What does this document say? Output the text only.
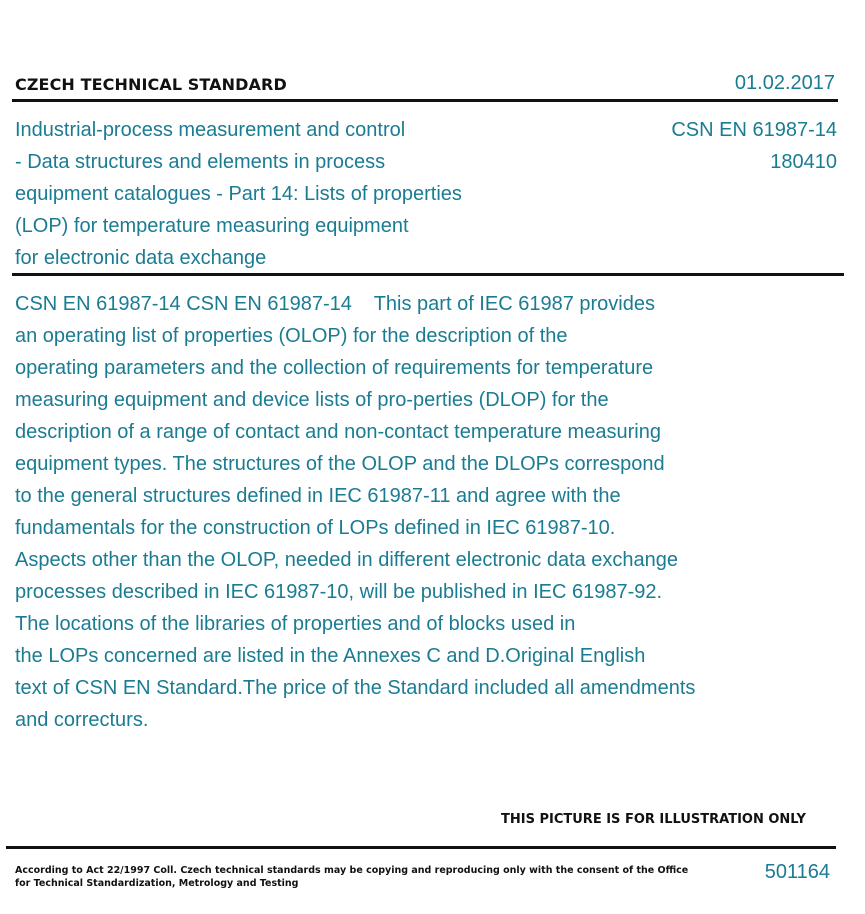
CZECH TECHNICAL STANDARD	01.02.2017
Industrial-process measurement and control
- Data structures and elements in process
equipment catalogues - Part 14: Lists of properties
(LOP) for temperature measuring equipment
for electronic data exchange
CSN EN 61987-14
180410
CSN EN 61987-14 CSN EN 61987-14    This part of IEC 61987 provides
an operating list of properties (OLOP) for the description of the
operating parameters and the collection of requirements for temperature
measuring equipment and device lists of pro-perties (DLOP) for the
description of a range of contact and non-contact temperature measuring
equipment types. The structures of the OLOP and the DLOPs correspond
to the general structures defined in IEC 61987-11 and agree with the
fundamentals for the construction of LOPs defined in IEC 61987-10.
Aspects other than the OLOP, needed in different electronic data exchange
processes described in IEC 61987-10, will be published in IEC 61987-92.
The locations of the libraries of properties and of blocks used in
the LOPs concerned are listed in the Annexes C and D.Original English
text of CSN EN Standard.The price of the Standard included all amendments
and correcturs.
THIS PICTURE IS FOR ILLUSTRATION ONLY
According to Act 22/1997 Coll. Czech technical standards may be copying and reproducing only with the consent of the Office
for Technical Standardization, Metrology and Testing
501164
